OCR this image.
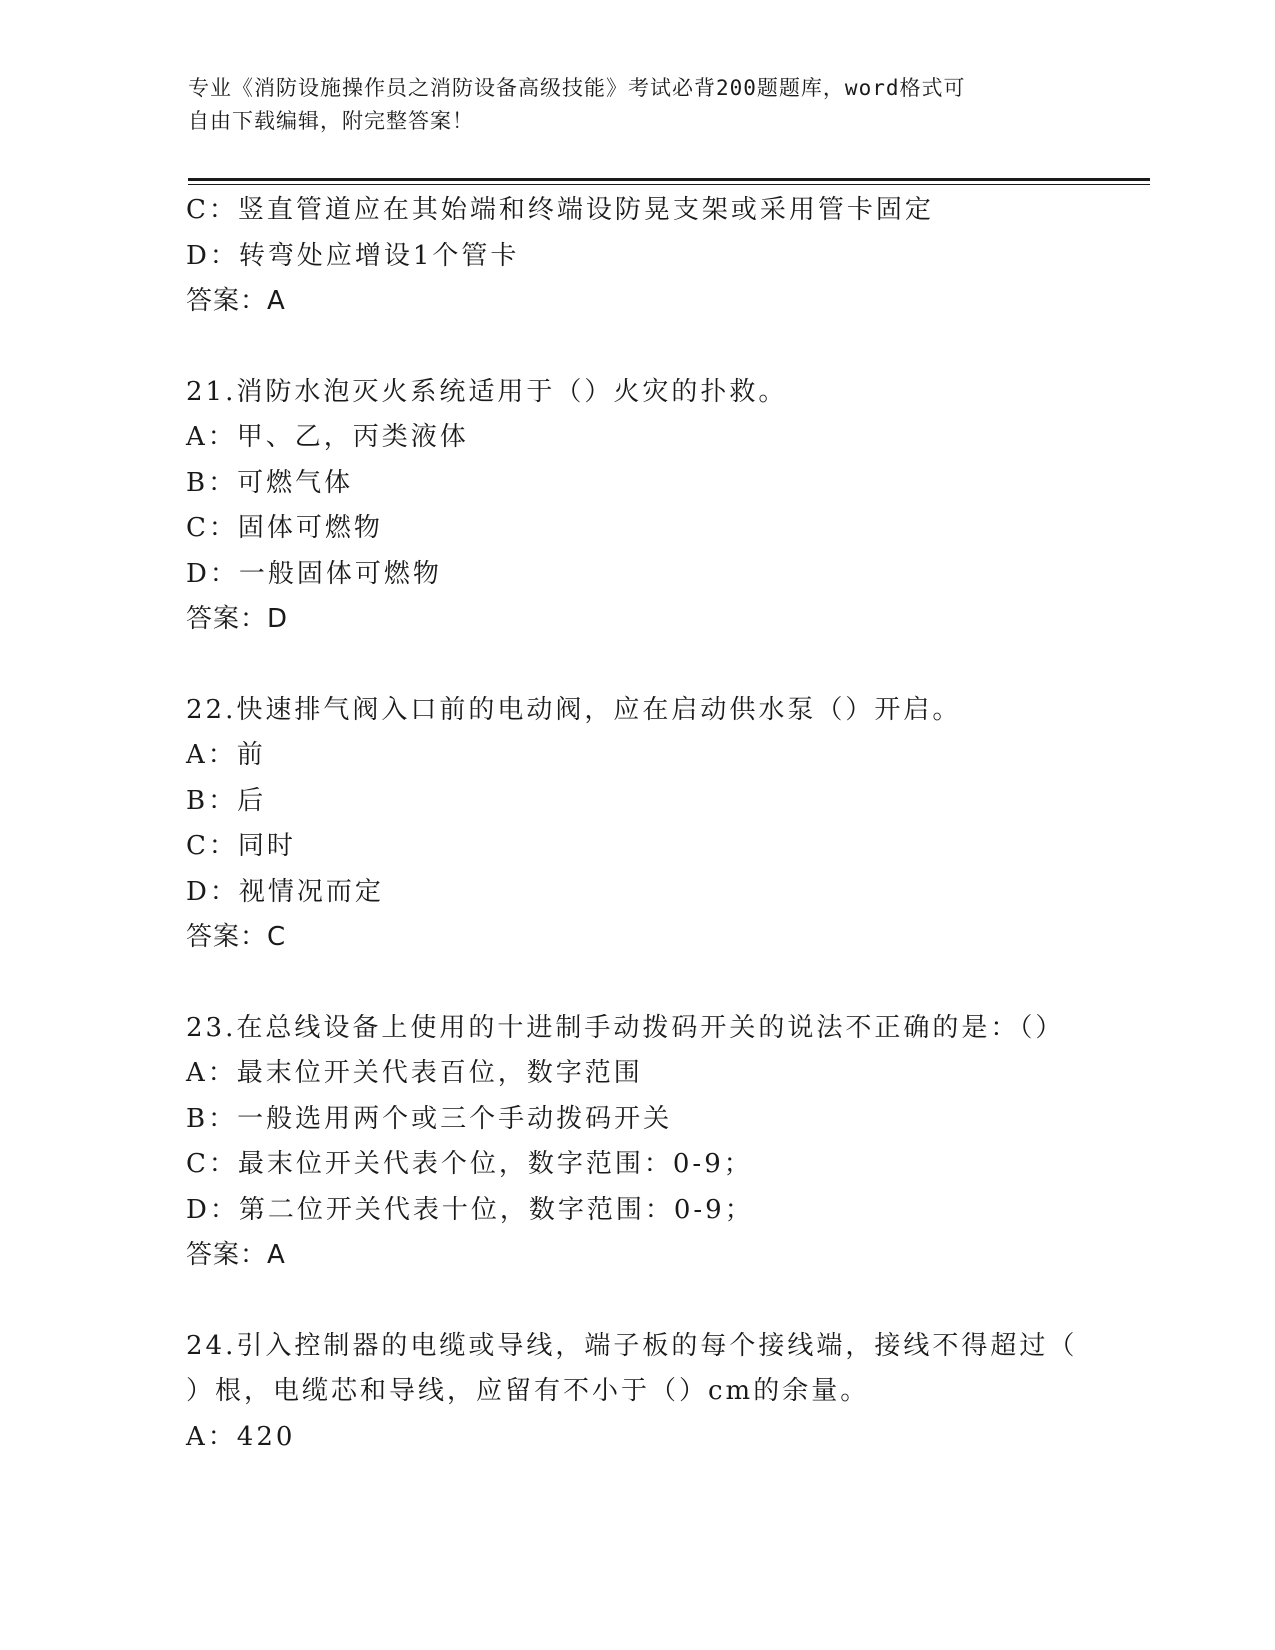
专业《消防设施操作员之消防设备高级技能》考试必背200题题库，word格式可
自由下载编辑，附完整答案！
C：竖直管道应在其始端和终端设防晃支架或采用管卡固定
D：转弯处应增设1个管卡
答案：A
21.消防水泡灭火系统适用于（）火灾的扑救。
A：甲、乙，丙类液体
B：可燃气体
C：固体可燃物
D：一般固体可燃物
答案：D
22.快速排气阀入口前的电动阀，应在启动供水泵（）开启。
A：前
B：后
C：同时
D：视情况而定
答案：C
23.在总线设备上使用的十进制手动拨码开关的说法不正确的是：（）
A：最末位开关代表百位，数字范围
B：一般选用两个或三个手动拨码开关
C：最末位开关代表个位，数字范围：0-9；
D：第二位开关代表十位，数字范围：0-9；
答案：A
24.引入控制器的电缆或导线，端子板的每个接线端，接线不得超过（
）根，电缆芯和导线，应留有不小于（）cm的余量。
A：420
